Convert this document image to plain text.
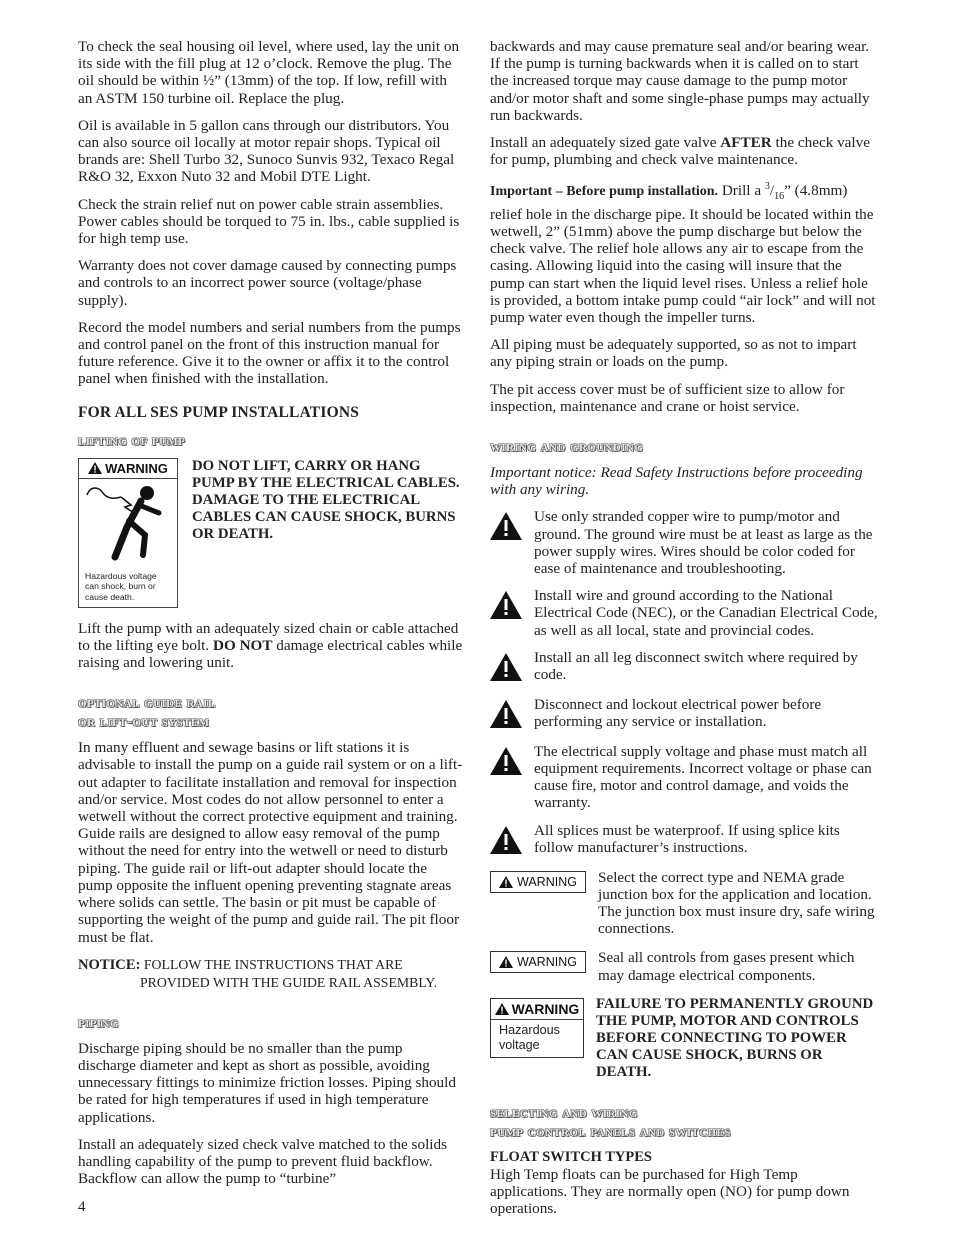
To check the seal housing oil level, where used, lay the unit on its side with the fill plug at 12 o’clock. Remove the plug. The oil should be within ½” (13mm) of the top. If low, refill with an ASTM 150 turbine oil. Replace the plug.

Oil is available in 5 gallon cans through our distributors. You can also source oil locally at motor repair shops. Typical oil brands are: Shell Turbo 32, Sunoco Sunvis 932, Texaco Regal R&O 32, Exxon Nuto 32 and Mobil DTE Light.

Check the strain relief nut on power cable strain assemblies. Power cables should be torqued to 75 in. lbs., cable supplied is for high temp use.

Warranty does not cover damage caused by connecting pumps and controls to an incorrect power source (voltage/phase supply).

Record the model numbers and serial numbers from the pumps and control panel on the front of this instruction manual for future reference. Give it to the owner or affix it to the control panel when finished with the installation.

FOR ALL SES PUMP INSTALLATIONS
lifting of pump
WARNING
Hazardous voltage can shock, burn or cause death.
DO NOT LIFT, CARRY OR HANG PUMP BY THE ELECTRICAL CABLES. DAMAGE TO THE ELECTRICAL CABLES CAN CAUSE SHOCK, BURNS OR DEATH.

Lift the pump with an adequately sized chain or cable attached to the lifting eye bolt. DO NOT damage electrical cables while raising and lowering unit.

optional guide rail
or lift-out system

In many effluent and sewage basins or lift stations it is advisable to install the pump on a guide rail system or on a lift-out adapter to facilitate installation and removal for inspection and/or service. Most codes do not allow personnel to enter a wetwell without the correct protective equipment and training. Guide rails are designed to allow easy removal of the pump without the need for entry into the wetwell or need to disturb piping. The guide rail or lift-out adapter should locate the pump opposite the influent opening preventing stagnate areas where solids can settle. The basin or pit must be capable of supporting the weight of the pump and guide rail. The pit floor must be flat.

NOTICE: FOLLOW THE INSTRUCTIONS THAT ARE
PROVIDED WITH THE GUIDE RAIL ASSEMBLY.

piping

Discharge piping should be no smaller than the pump discharge diameter and kept as short as possible, avoiding unnecessary fittings to minimize friction losses. Piping should be rated for high temperatures if used in high temperature applications.

Install an adequately sized check valve matched to the solids handling capability of the pump to prevent fluid backflow. Backflow can allow the pump to “turbine”

backwards and may cause premature seal and/or bearing wear. If the pump is turning backwards when it is called on to start the increased torque may cause damage to the pump motor and/or motor shaft and some single-phase pumps may actually run backwards.

Install an adequately sized gate valve AFTER the check valve for pump, plumbing and check valve maintenance.

Important – Before pump installation. Drill a $^3/_{16}$” (4.8mm) relief hole in the discharge pipe. It should be located within the wetwell, 2” (51mm) above the pump discharge but below the check valve. The relief hole allows any air to escape from the casing. Allowing liquid into the casing will insure that the pump can start when the liquid level rises. Unless a relief hole is provided, a bottom intake pump could “air lock” and will not pump water even though the impeller turns.

All piping must be adequately supported, so as not to impart any piping strain or loads on the pump.

The pit access cover must be of sufficient size to allow for inspection, maintenance and crane or hoist service.

wiring and grounding

Important notice: Read Safety Instructions before proceeding with any wiring.

Use only stranded copper wire to pump/motor and ground. The ground wire must be at least as large as the power supply wires. Wires should be color coded for ease of maintenance and troubleshooting.

Install wire and ground according to the National Electrical Code (NEC), or the Canadian Electrical Code, as well as all local, state and provincial codes.

Install an all leg disconnect switch where required by code.

Disconnect and lockout electrical power before performing any service or installation.

The electrical supply voltage and phase must match all equipment requirements. Incorrect voltage or phase can cause fire, motor and control damage, and voids the warranty.

All splices must be waterproof. If using splice kits follow manufacturer’s instructions.

WARNING Select the correct type and NEMA grade junction box for the application and location. The junction box must insure dry, safe wiring connections.

WARNING Seal all controls from gases present which may damage electrical components.

WARNING
Hazardous voltage

FAILURE TO PERMANENTLY GROUND THE PUMP, MOTOR AND CONTROLS BEFORE CONNECTING TO POWER CAN CAUSE SHOCK, BURNS OR DEATH.

selecting and wiring
pump control panels and switches
FLOAT SWITCH TYPES

High Temp floats can be purchased for High Temp applications. They are normally open (NO) for pump down operations.

4
